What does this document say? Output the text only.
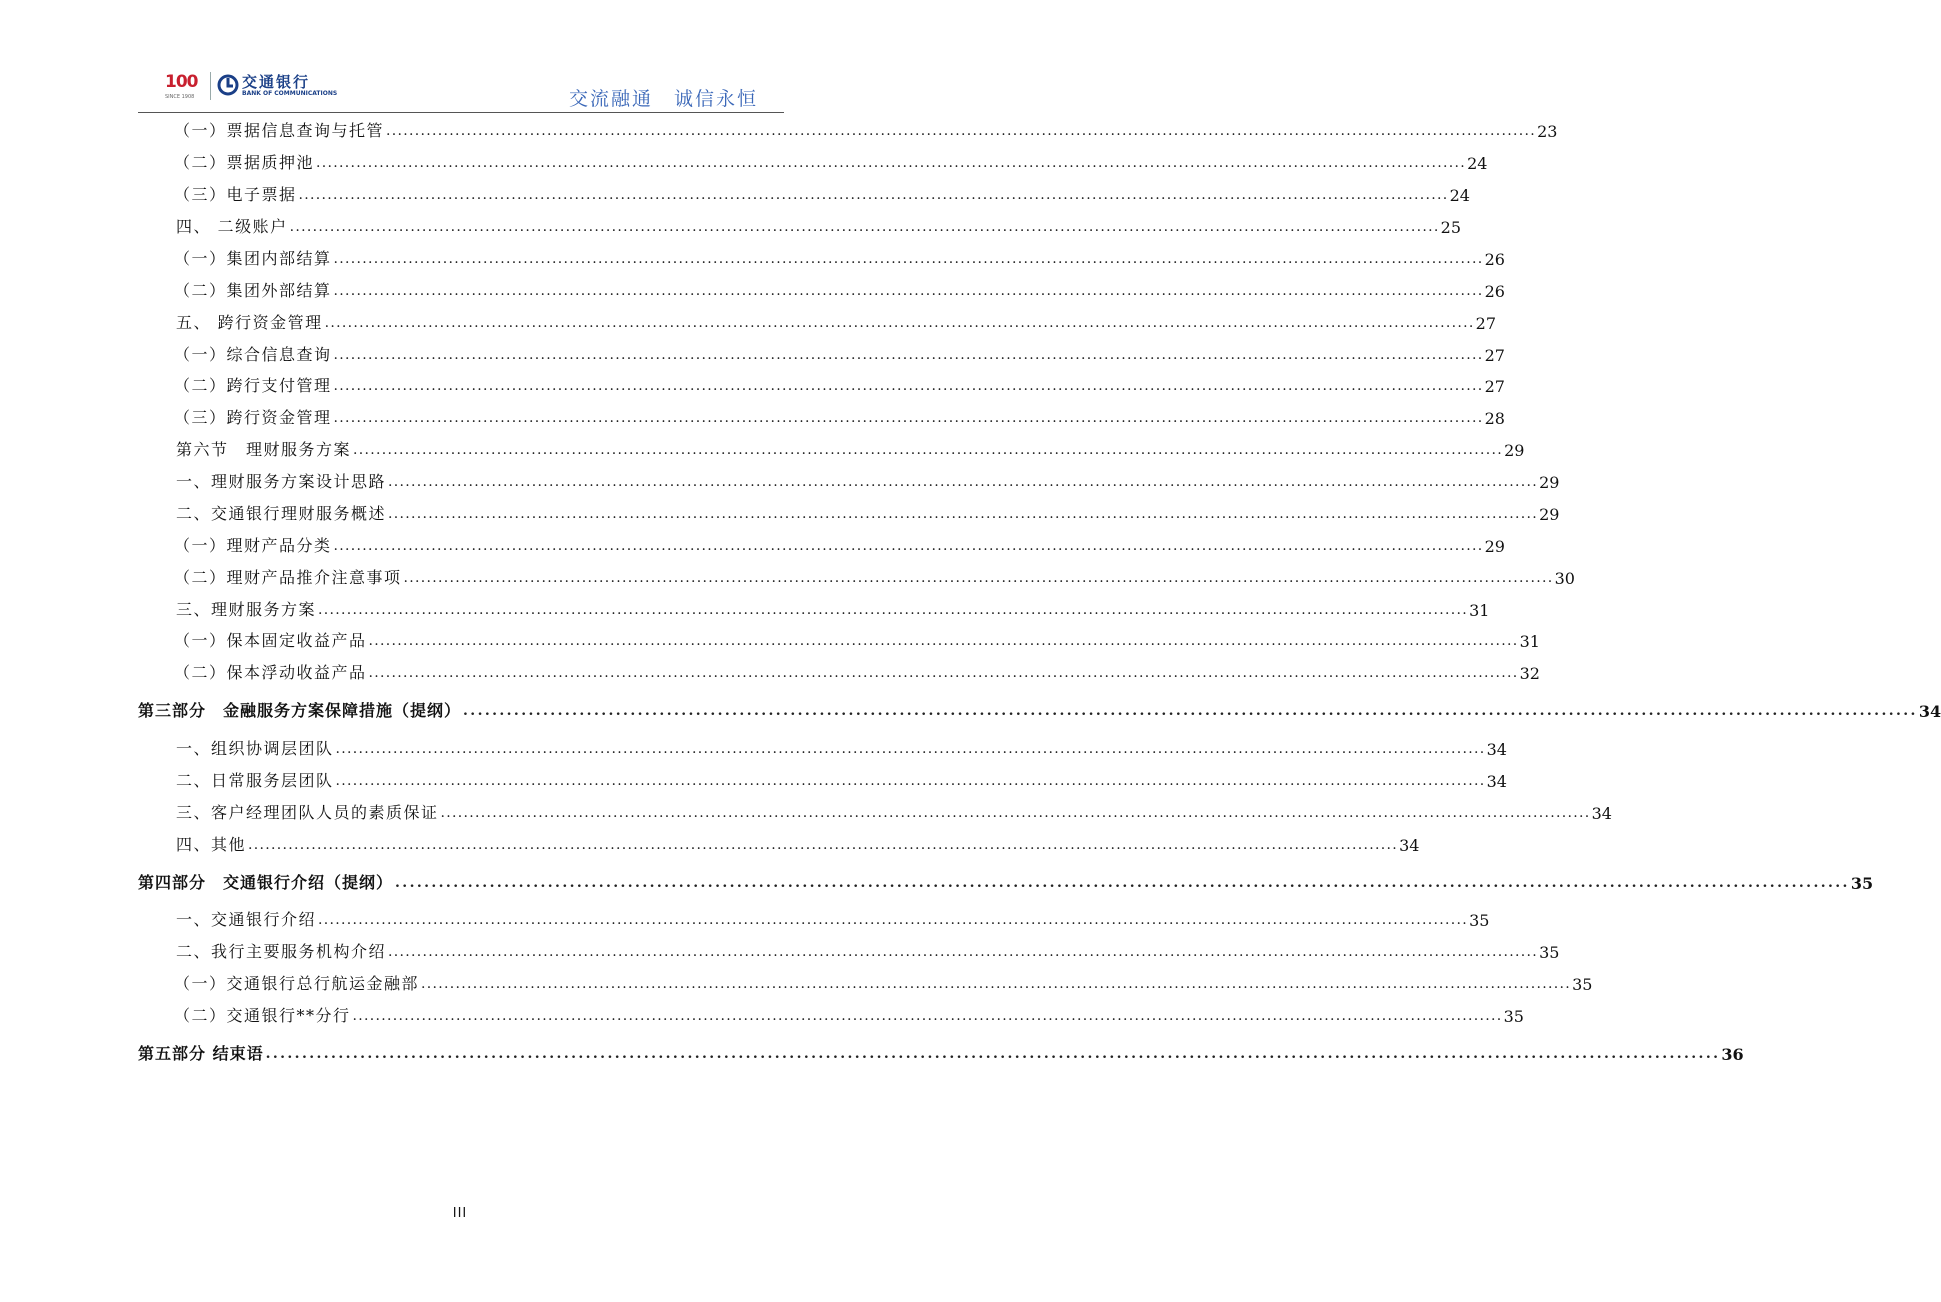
100
SINCE 1908
交通银行
BANK OF COMMUNICATIONS	交流融通　诚信永恒
（一）票据信息查询与托管 ........................................................................................................................................................................................................ 23
（二）票据质押池 ........................................................................................................................................................................................................ 24
（三）电子票据 ........................................................................................................................................................................................................ 24
四、 二级账户 ........................................................................................................................................................................................................ 25
（一）集团内部结算 ........................................................................................................................................................................................................ 26
（二）集团外部结算 ........................................................................................................................................................................................................ 26
五、 跨行资金管理 ........................................................................................................................................................................................................ 27
（一）综合信息查询 ........................................................................................................................................................................................................ 27
（二）跨行支付管理 ........................................................................................................................................................................................................ 27
（三）跨行资金管理 ........................................................................................................................................................................................................ 28
第六节　理财服务方案 ........................................................................................................................................................................................................ 29
一、理财服务方案设计思路 ........................................................................................................................................................................................................ 29
二、交通银行理财服务概述 ........................................................................................................................................................................................................ 29
（一）理财产品分类 ........................................................................................................................................................................................................ 29
（二）理财产品推介注意事项 ........................................................................................................................................................................................................ 30
三、理财服务方案 ........................................................................................................................................................................................................ 31
（一）保本固定收益产品 ........................................................................................................................................................................................................ 31
（二）保本浮动收益产品 ........................................................................................................................................................................................................ 32
第三部分　金融服务方案保障措施（提纲） ........................................................................................................................................................................................................ 34
一、组织协调层团队 ........................................................................................................................................................................................................ 34
二、日常服务层团队 ........................................................................................................................................................................................................ 34
三、客户经理团队人员的素质保证 ........................................................................................................................................................................................................ 34
四、其他 ........................................................................................................................................................................................................ 34
第四部分　交通银行介绍（提纲） ........................................................................................................................................................................................................ 35
一、交通银行介绍 ........................................................................................................................................................................................................ 35
二、我行主要服务机构介绍 ........................................................................................................................................................................................................ 35
（一）交通银行总行航运金融部 ........................................................................................................................................................................................................ 35
（二）交通银行**分行 ........................................................................................................................................................................................................ 35
第五部分 结束语 ........................................................................................................................................................................................................ 36
III
